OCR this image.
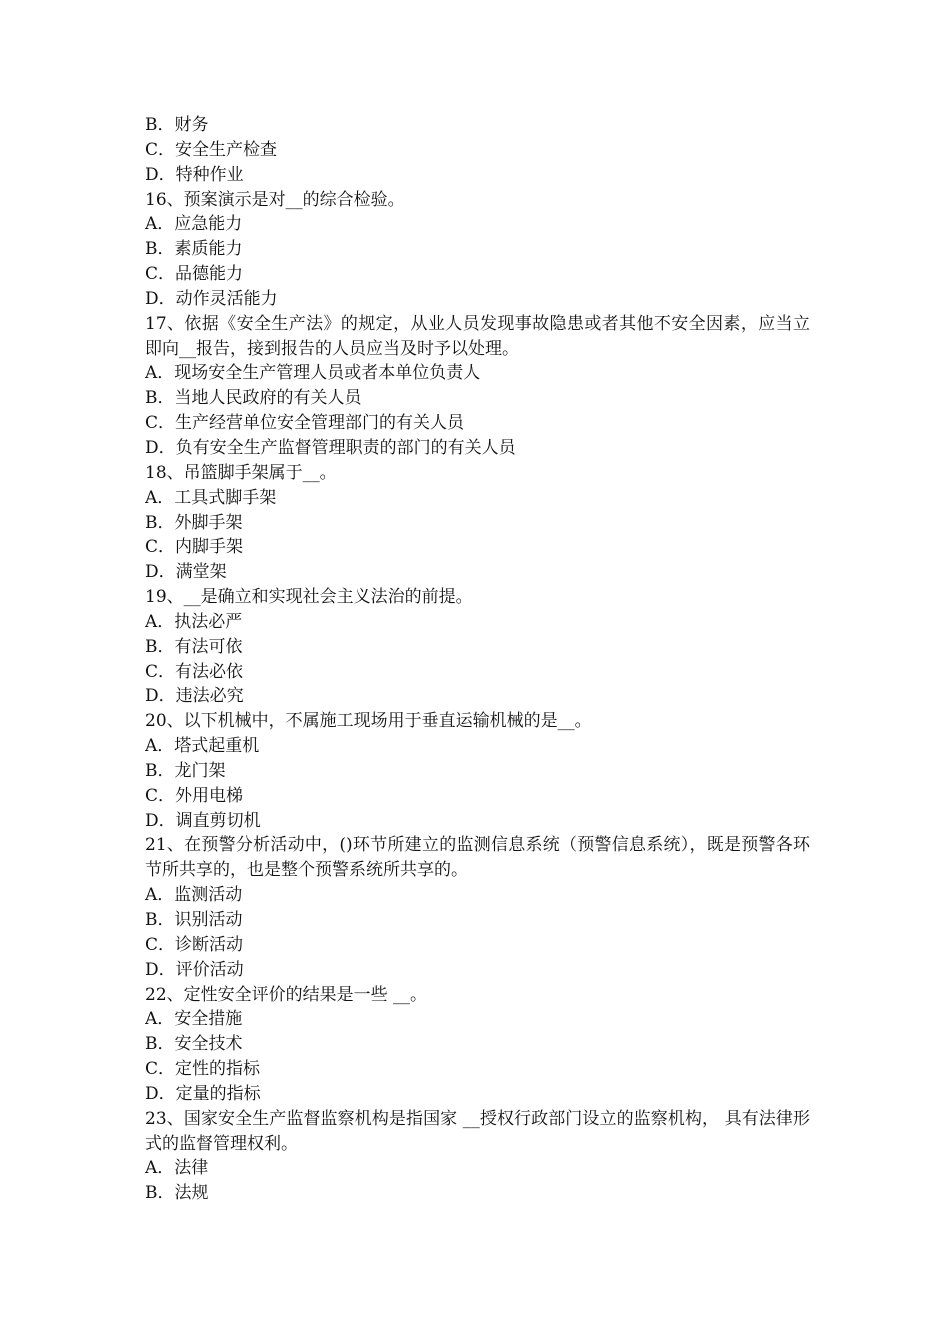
B．财务
C．安全生产检查
D．特种作业
16、预案演示是对__的综合检验。
A．应急能力
B．素质能力
C．品德能力
D．动作灵活能力
17、依据《安全生产法》的规定，从业人员发现事故隐患或者其他不安全因素，应当立即向__报告，接到报告的人员应当及时予以处理。
A．现场安全生产管理人员或者本单位负责人
B．当地人民政府的有关人员
C．生产经营单位安全管理部门的有关人员
D．负有安全生产监督管理职责的部门的有关人员
18、吊篮脚手架属于__。
A．工具式脚手架
B．外脚手架
C．内脚手架
D．满堂架
19、__是确立和实现社会主义法治的前提。
A．执法必严
B．有法可依
C．有法必依
D．违法必究
20、以下机械中，不属施工现场用于垂直运输机械的是__。
A．塔式起重机
B．龙门架
C．外用电梯
D．调直剪切机
21、在预警分析活动中，()环节所建立的监测信息系统（预警信息系统），既是预警各环节所共享的，也是整个预警系统所共享的。
A．监测活动
B．识别活动
C．诊断活动
D．评价活动
22、定性安全评价的结果是一些 __。
A．安全措施
B．安全技术
C．定性的指标
D．定量的指标
23、国家安全生产监督监察机构是指国家 __授权行政部门设立的监察机构， 具有法律形式的监督管理权利。
A．法律
B．法规
